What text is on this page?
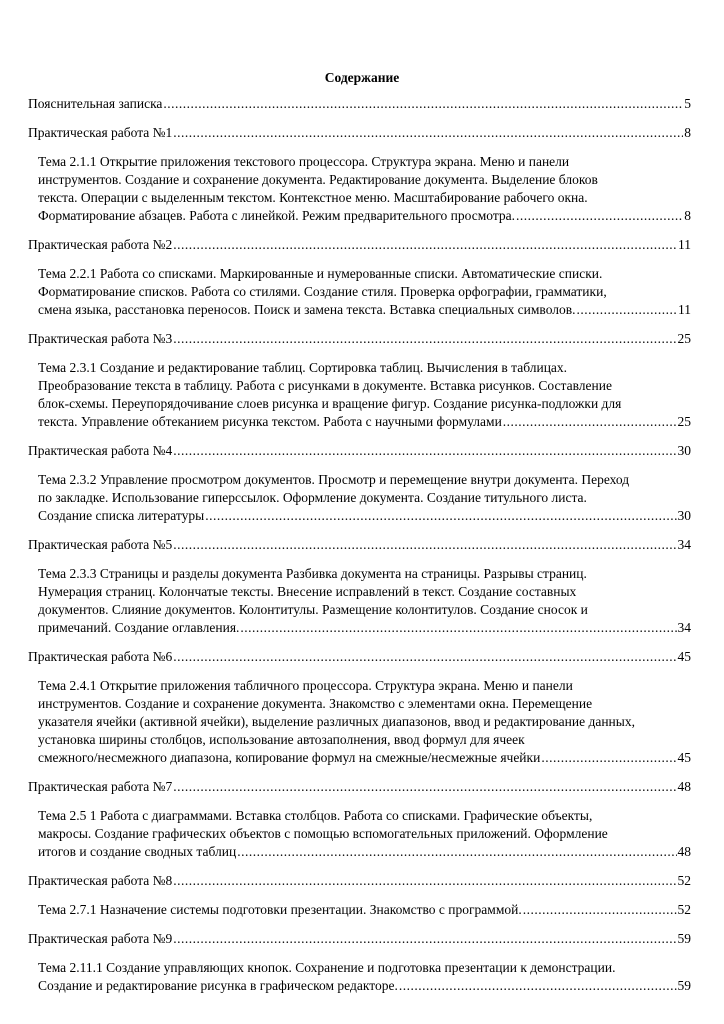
Содержание
Пояснительная записка .....	5
Практическая работа №1 .....	8
Тема 2.1.1 Открытие приложения текстового процессора. Структура экрана. Меню и панели
инструментов. Создание и сохранение документа. Редактирование документа. Выделение блоков
текста. Операции с выделенным текстом. Контекстное меню. Масштабирование рабочего окна.
Форматирование абзацев. Работа с линейкой. Режим предварительного просмотра. .....	8
Практическая работа №2 .....	11
Тема 2.2.1 Работа со списками. Маркированные и нумерованные списки. Автоматические списки.
Форматирование списков. Работа со стилями. Создание стиля. Проверка орфографии, грамматики,
смена языка, расстановка переносов. Поиск и замена текста. Вставка специальных символов. .....	11
Практическая работа №3 .....	25
Тема 2.3.1 Создание и редактирование таблиц. Сортировка таблиц. Вычисления в таблицах.
Преобразование текста в таблицу. Работа с рисунками в документе. Вставка рисунков. Составление
блок-схемы. Переупорядочивание слоев рисунка и вращение фигур. Создание рисунка-подложки для
текста. Управление обтеканием рисунка текстом. Работа с научными формулами .....	25
Практическая работа №4 .....	30
Тема 2.3.2 Управление просмотром документов. Просмотр и перемещение внутри документа. Переход
по закладке. Использование гиперссылок. Оформление документа. Создание титульного листа.
Создание списка литературы .....	30
Практическая работа №5 .....	34
Тема 2.3.3 Страницы и разделы документа Разбивка документа на страницы. Разрывы страниц.
Нумерация страниц. Колончатые тексты. Внесение исправлений в текст. Создание составных
документов. Слияние документов. Колонтитулы. Размещение колонтитулов. Создание сносок и
примечаний. Создание оглавления. .....	34
Практическая работа №6 .....	45
Тема 2.4.1 Открытие приложения табличного процессора. Структура экрана. Меню и панели
инструментов. Создание и сохранение документа. Знакомство с элементами окна. Перемещение
указателя ячейки (активной ячейки), выделение различных диапазонов, ввод и редактирование данных,
установка ширины столбцов, использование автозаполнения, ввод формул для ячеек
смежного/несмежного диапазона, копирование формул на смежные/несмежные ячейки .....	45
Практическая работа №7 .....	48
Тема 2.5 1 Работа с диаграммами. Вставка столбцов. Работа со списками. Графические объекты,
макросы. Создание графических объектов с помощью вспомогательных приложений. Оформление
итогов и создание сводных таблиц .....	48
Практическая работа №8 .....	52
Тема 2.7.1 Назначение системы подготовки презентации. Знакомство с программой. .....	52
Практическая работа №9 .....	59
Тема 2.11.1 Создание управляющих кнопок. Сохранение и подготовка презентации к демонстрации.
Создание и редактирование рисунка в графическом редакторе. .....	59
